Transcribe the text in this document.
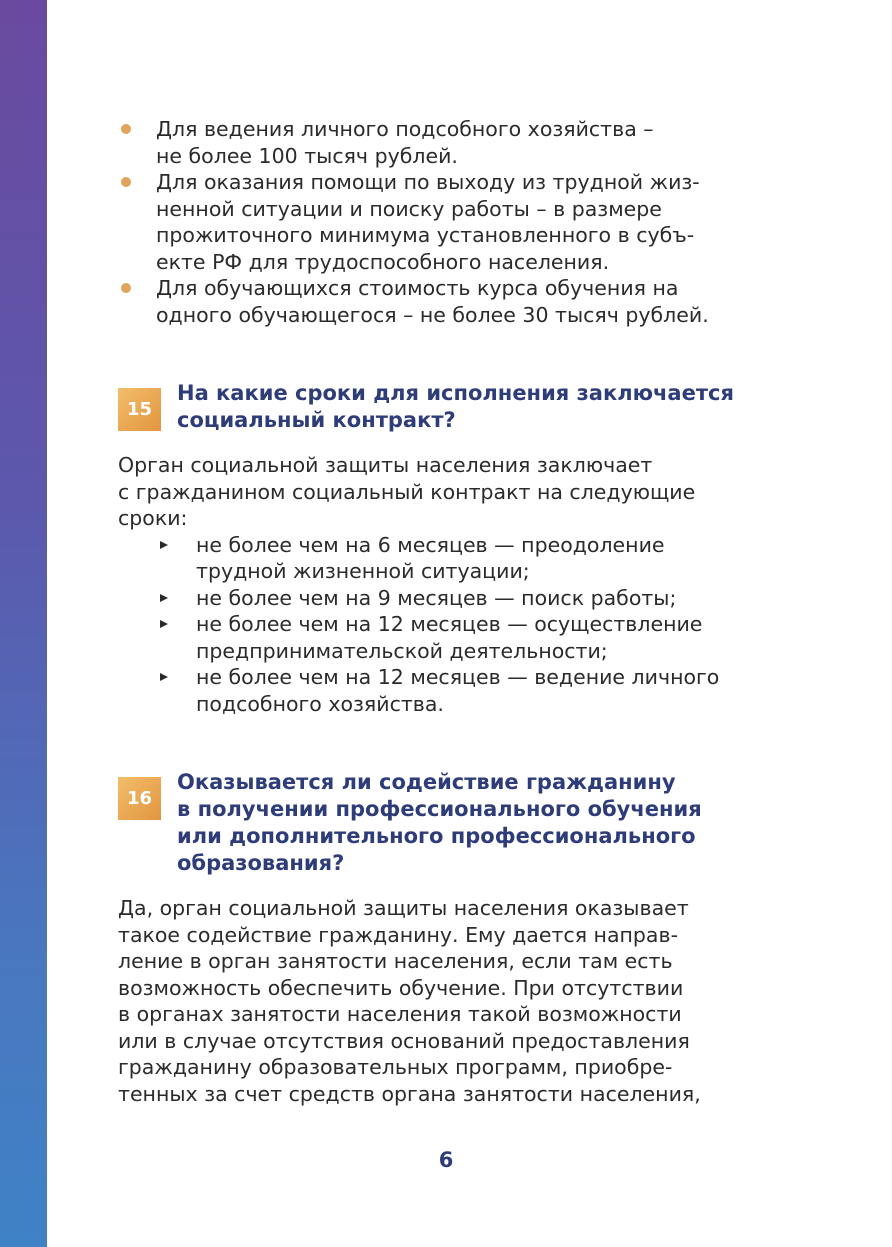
Для ведения личного подсобного хозяйства –
не более 100 тысяч рублей.
Для оказания помощи по выходу из трудной жиз-
ненной ситуации и поиску работы – в размере
прожиточного минимума установленного в субъ-
екте РФ для трудоспособного населения.
Для обучающихся стоимость курса обучения на
одного обучающегося – не более 30 тысяч рублей.
15
На какие сроки для исполнения заключается
социальный контракт?

Орган социальной защиты населения заключает
с гражданином социальный контракт на следующие
сроки:

не более чем на 6 месяцев — преодоление
трудной жизненной ситуации;
не более чем на 9 месяцев — поиск работы;
не более чем на 12 месяцев — осуществление
предпринимательской деятельности;
не более чем на 12 месяцев — ведение личного
подсобного хозяйства.
16
Оказывается ли содействие гражданину
в получении профессионального обучения
или дополнительного профессионального
образования?

Да, орган социальной защиты населения оказывает
такое содействие гражданину. Ему дается направ-
ление в орган занятости населения, если там есть
возможность обеспечить обучение. При отсутствии
в органах занятости населения такой возможности
или в случае отсутствия оснований предоставления
гражданину образовательных программ, приобре-
тенных за счет средств органа занятости населения,

6
